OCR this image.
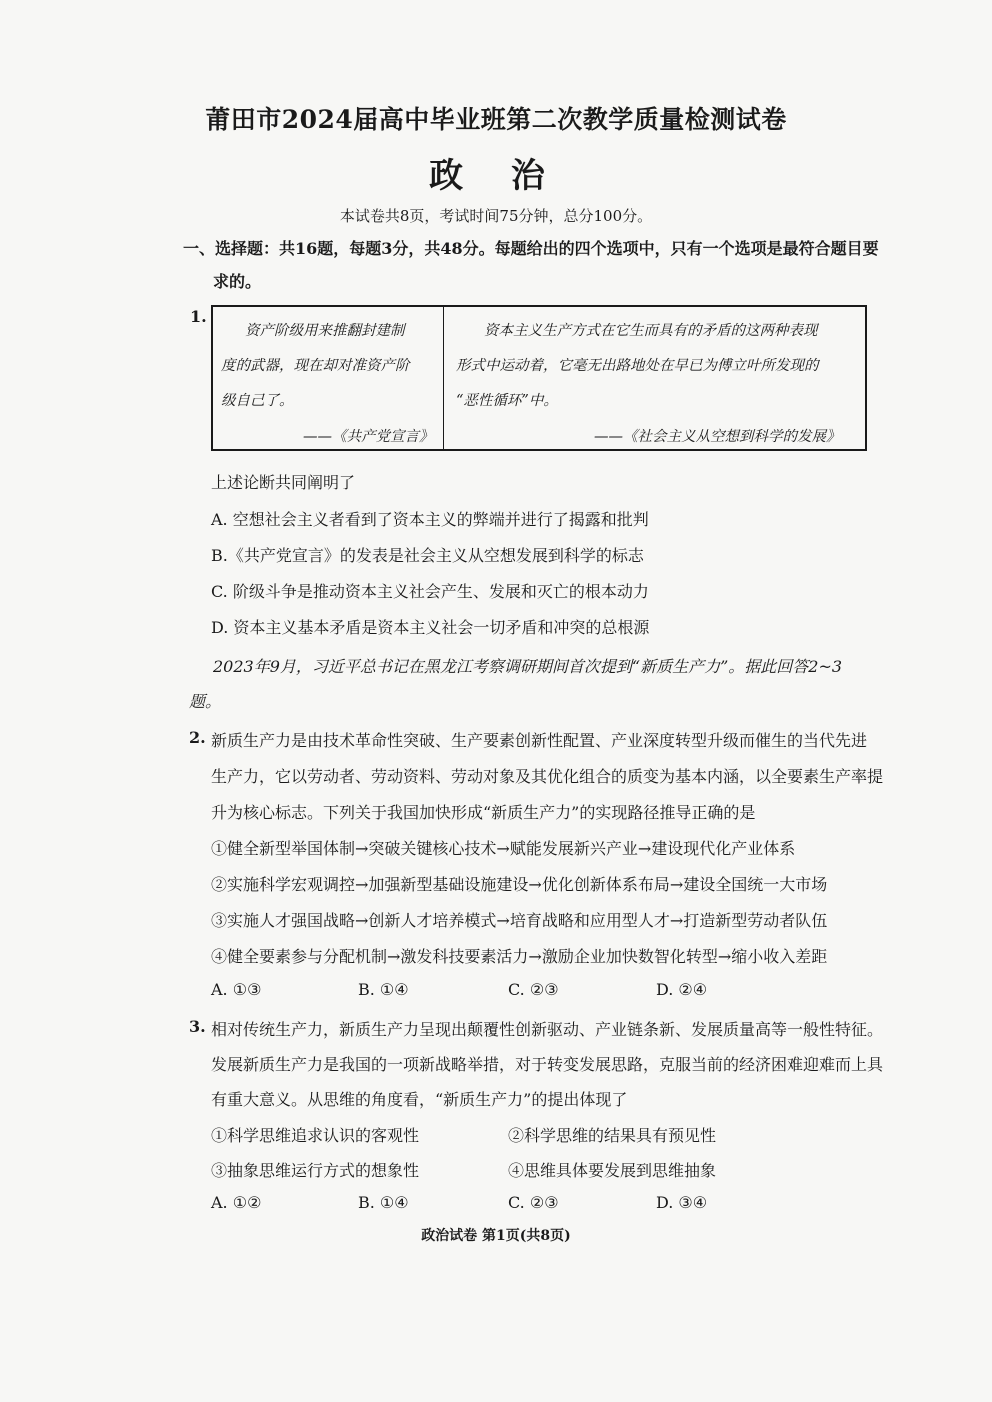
莆田市2024届高中毕业班第二次教学质量检测试卷
政 治
本试卷共8页，考试时间75分钟，总分100分。
一、选择题：共16题，每题3分，共48分。每题给出的四个选项中，只有一个选项是最符合题目要
求的。
1.
资产阶级用来推翻封建制
度的武器，现在却对准资产阶
级自己了。
——《共产党宣言》

资本主义生产方式在它生而具有的矛盾的这两种表现
形式中运动着，它毫无出路地处在早已为傅立叶所发现的
“恶性循环”中。
——《社会主义从空想到科学的发展》
上述论断共同阐明了
A. 空想社会主义者看到了资本主义的弊端并进行了揭露和批判
B.《共产党宣言》的发表是社会主义从空想发展到科学的标志
C. 阶级斗争是推动资本主义社会产生、发展和灭亡的根本动力
D. 资本主义基本矛盾是资本主义社会一切矛盾和冲突的总根源
2023年9月，习近平总书记在黑龙江考察调研期间首次提到“新质生产力”。据此回答2~3
题。
2. 新质生产力是由技术革命性突破、生产要素创新性配置、产业深度转型升级而催生的当代先进
生产力，它以劳动者、劳动资料、劳动对象及其优化组合的质变为基本内涵，以全要素生产率提
升为核心标志。下列关于我国加快形成“新质生产力”的实现路径推导正确的是
①健全新型举国体制→突破关键核心技术→赋能发展新兴产业→建设现代化产业体系
②实施科学宏观调控→加强新型基础设施建设→优化创新体系布局→建设全国统一大市场
③实施人才强国战略→创新人才培养模式→培育战略和应用型人才→打造新型劳动者队伍
④健全要素参与分配机制→激发科技要素活力→激励企业加快数智化转型→缩小收入差距
A. ①③	B. ①④	C. ②③	D. ②④
3. 相对传统生产力，新质生产力呈现出颠覆性创新驱动、产业链条新、发展质量高等一般性特征。
发展新质生产力是我国的一项新战略举措，对于转变发展思路，克服当前的经济困难迎难而上具
有重大意义。从思维的角度看，“新质生产力”的提出体现了
①科学思维追求认识的客观性	②科学思维的结果具有预见性
③抽象思维运行方式的想象性	④思维具体要发展到思维抽象
A. ①②	B. ①④	C. ②③	D. ③④
政治试卷 第1页(共8页)
